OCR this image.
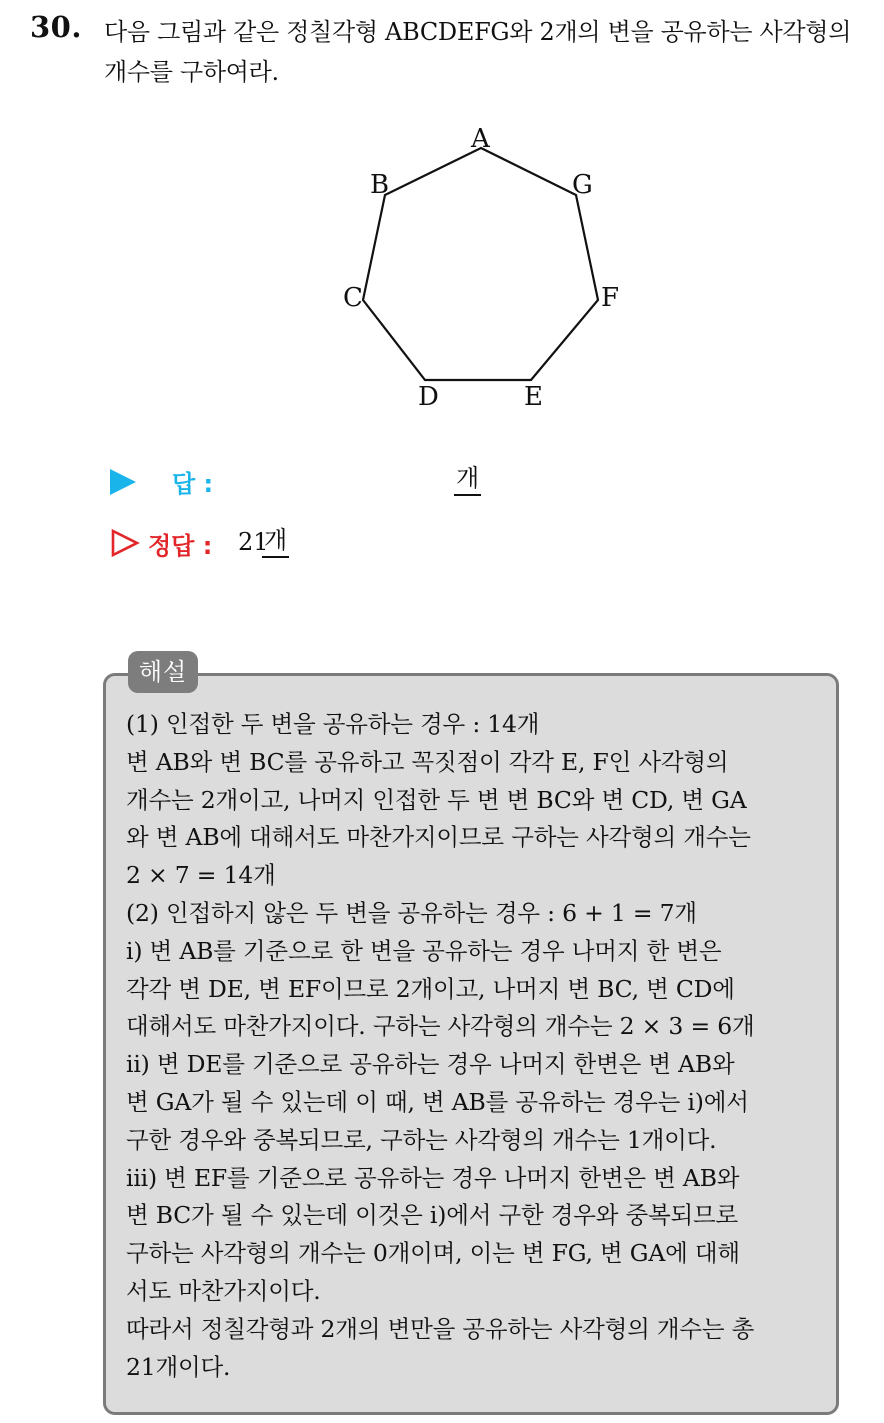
30. 다음 그림과 같은 정칠각형 ABCDEFG와 2개의 변을 공유하는 사각형의 개수를 구하여라.
A
B
C
D	E
F
G
답 :	개
정답 : 21
개
해설
(1) 인접한 두 변을 공유하는 경우 : 14개
변 AB와 변 BC를 공유하고 꼭짓점이 각각 E, F인 사각형의
개수는 2개이고, 나머지 인접한 두 변 변 BC와 변 CD, 변 GA
와 변 AB에 대해서도 마찬가지이므로 구하는 사각형의 개수는
2 × 7 = 14개
(2) 인접하지 않은 두 변을 공유하는 경우 : 6 + 1 = 7개
i) 변 AB를 기준으로 한 변을 공유하는 경우 나머지 한 변은
각각 변 DE, 변 EF이므로 2개이고, 나머지 변 BC, 변 CD에
대해서도 마찬가지이다. 구하는 사각형의 개수는 2 × 3 = 6개
ii) 변 DE를 기준으로 공유하는 경우 나머지 한변은 변 AB와
변 GA가 될 수 있는데 이 때, 변 AB를 공유하는 경우는 i)에서
구한 경우와 중복되므로, 구하는 사각형의 개수는 1개이다.
iii) 변 EF를 기준으로 공유하는 경우 나머지 한변은 변 AB와
변 BC가 될 수 있는데 이것은 i)에서 구한 경우와 중복되므로
구하는 사각형의 개수는 0개이며, 이는 변 FG, 변 GA에 대해
서도 마찬가지이다.
따라서 정칠각형과 2개의 변만을 공유하는 사각형의 개수는 총
21개이다.
